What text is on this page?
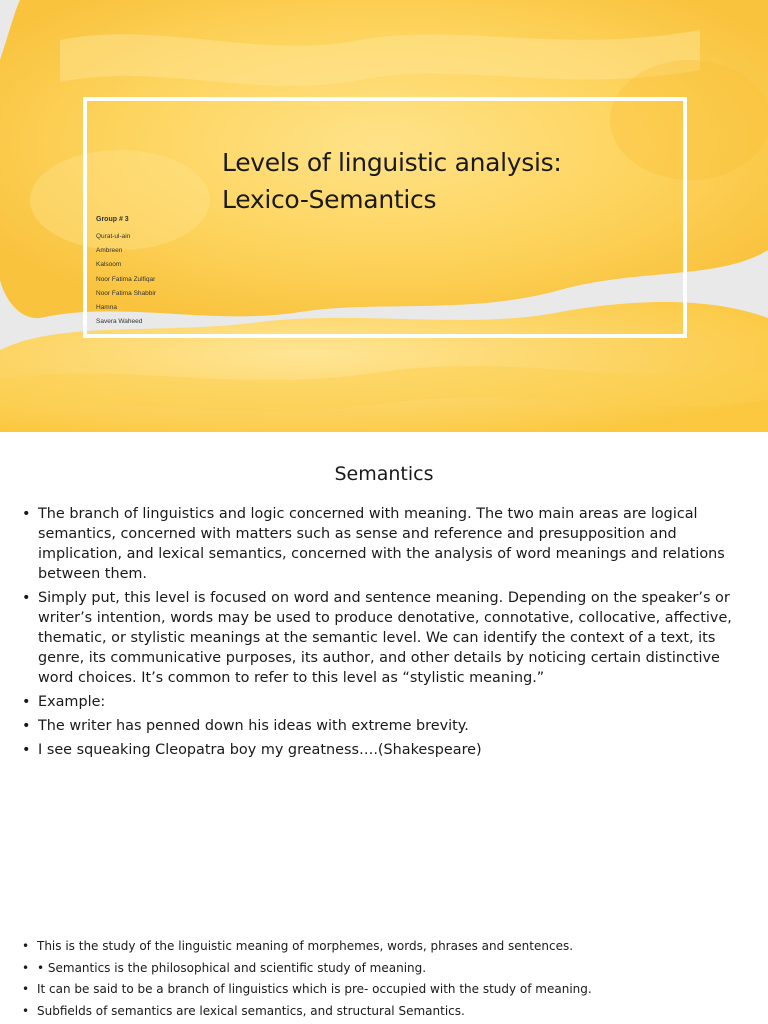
Levels of linguistic analysis:
Lexico-Semantics
Group # 3
Qurat-ul-ain
Ambreen
Kalsoom
Noor Fatima Zulfiqar
Noor Fatima Shabbir
Hamna
Savera Waheed
Semantics
• The branch of linguistics and logic concerned with meaning. The two main areas are logical semantics, concerned with matters such as sense and reference and presupposition and implication, and lexical semantics, concerned with the analysis of word meanings and relations between them.
• Simply put, this level is focused on word and sentence meaning. Depending on the speaker’s or writer’s intention, words may be used to produce denotative, connotative, collocative, affective, thematic, or stylistic meanings at the semantic level. We can identify the context of a text, its genre, its communicative purposes, its author, and other details by noticing certain distinctive word choices. It’s common to refer to this level as “stylistic meaning.”
• Example:
• The writer has penned down his ideas with extreme brevity.
• I see squeaking Cleopatra boy my greatness….(Shakespeare)
• This is the study of the linguistic meaning of morphemes, words, phrases and sentences.
• • Semantics is the philosophical and scientific study of meaning.
• It can be said to be a branch of linguistics which is pre- occupied with the study of meaning.
• Subfields of semantics are lexical semantics, and structural Semantics.
